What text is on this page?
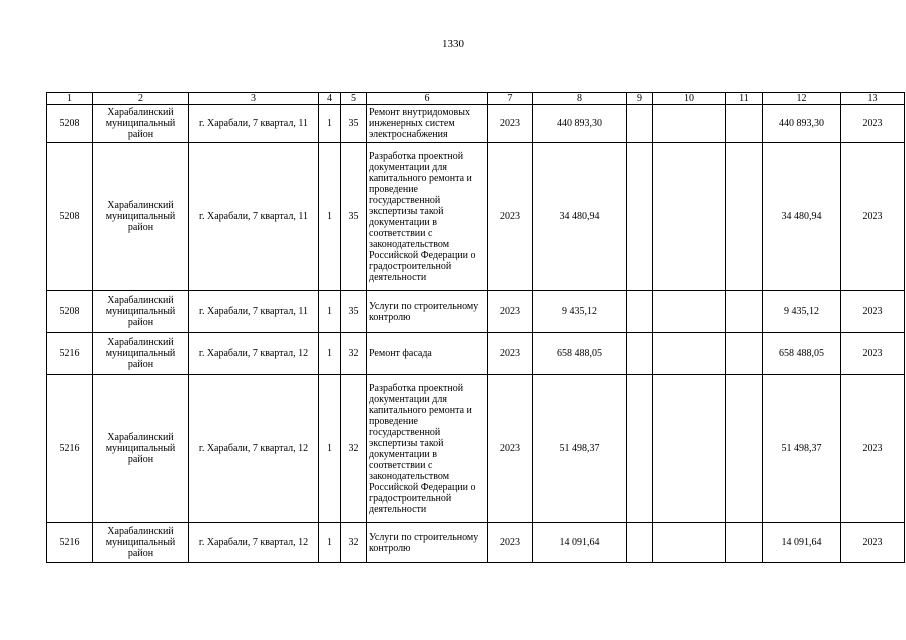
1330
1	2	3	4	5	6	7	8	9	10	11	12	13
5208	Харабалинский муниципальный район	г. Харабали, 7 квартал, 11	1	35	Ремонт внутридомовых инженерных систем электроснабжения	2023	440 893,30				440 893,30	2023
5208	Харабалинский муниципальный район	г. Харабали, 7 квартал, 11	1	35	Разработка проектной документации для капитального ремонта и проведение государственной экспертизы такой документации в соответствии с законодательством Российской Федерации о градостроительной деятельности	2023	34 480,94				34 480,94	2023
5208	Харабалинский муниципальный район	г. Харабали, 7 квартал, 11	1	35	Услуги по строительному контролю	2023	9 435,12				9 435,12	2023
5216	Харабалинский муниципальный район	г. Харабали, 7 квартал, 12	1	32	Ремонт фасада	2023	658 488,05				658 488,05	2023
5216	Харабалинский муниципальный район	г. Харабали, 7 квартал, 12	1	32	Разработка проектной документации для капитального ремонта и проведение государственной экспертизы такой документации в соответствии с законодательством Российской Федерации о градостроительной деятельности	2023	51 498,37				51 498,37	2023
5216	Харабалинский муниципальный район	г. Харабали, 7 квартал, 12	1	32	Услуги по строительному контролю	2023	14 091,64				14 091,64	2023
